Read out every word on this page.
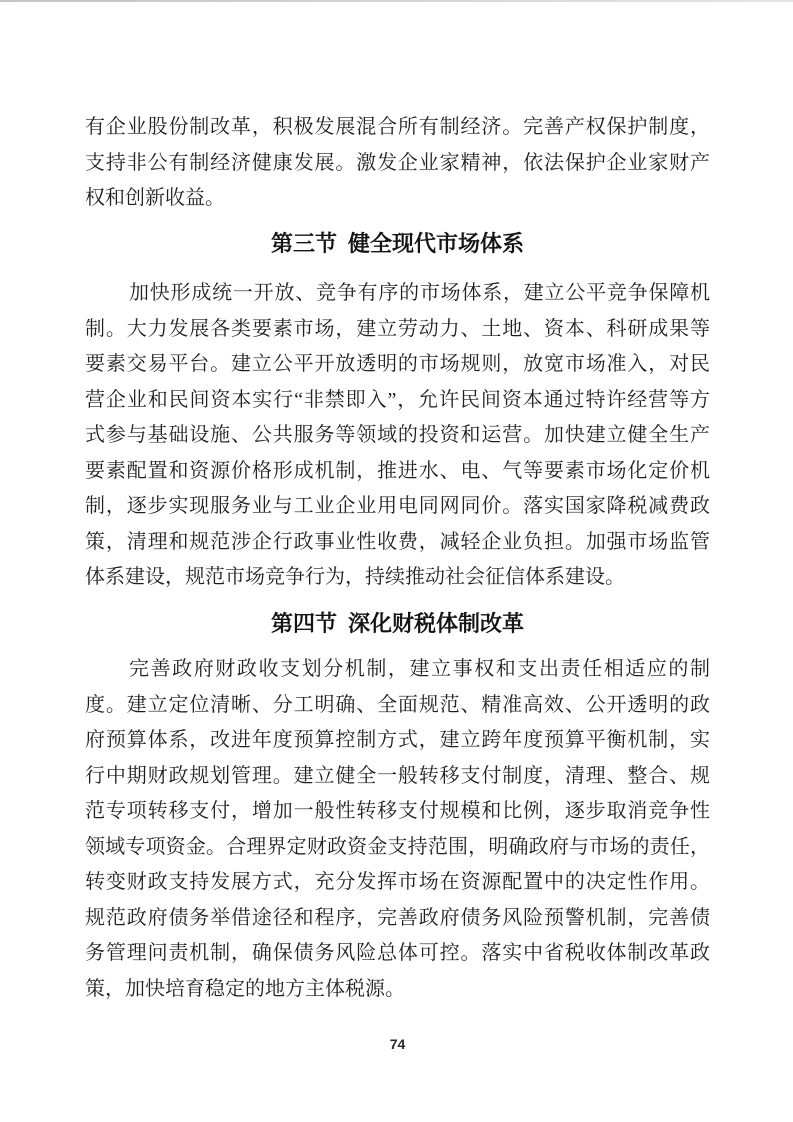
有企业股份制改革，积极发展混合所有制经济。完善产权保护制度，
支持非公有制经济健康发展。激发企业家精神，依法保护企业家财产
权和创新收益。
第三节  健全现代市场体系
加快形成统一开放、竞争有序的市场体系，建立公平竞争保障机
制。大力发展各类要素市场，建立劳动力、土地、资本、科研成果等
要素交易平台。建立公平开放透明的市场规则，放宽市场准入，对民
营企业和民间资本实行“非禁即入”，允许民间资本通过特许经营等方
式参与基础设施、公共服务等领域的投资和运营。加快建立健全生产
要素配置和资源价格形成机制，推进水、电、气等要素市场化定价机
制，逐步实现服务业与工业企业用电同网同价。落实国家降税减费政
策，清理和规范涉企行政事业性收费，减轻企业负担。加强市场监管
体系建设，规范市场竞争行为，持续推动社会征信体系建设。
第四节  深化财税体制改革
完善政府财政收支划分机制，建立事权和支出责任相适应的制
度。建立定位清晰、分工明确、全面规范、精准高效、公开透明的政
府预算体系，改进年度预算控制方式，建立跨年度预算平衡机制，实
行中期财政规划管理。建立健全一般转移支付制度，清理、整合、规
范专项转移支付，增加一般性转移支付规模和比例，逐步取消竞争性
领域专项资金。合理界定财政资金支持范围，明确政府与市场的责任，
转变财政支持发展方式，充分发挥市场在资源配置中的决定性作用。
规范政府债务举借途径和程序，完善政府债务风险预警机制，完善债
务管理问责机制，确保债务风险总体可控。落实中省税收体制改革政
策，加快培育稳定的地方主体税源。
74
